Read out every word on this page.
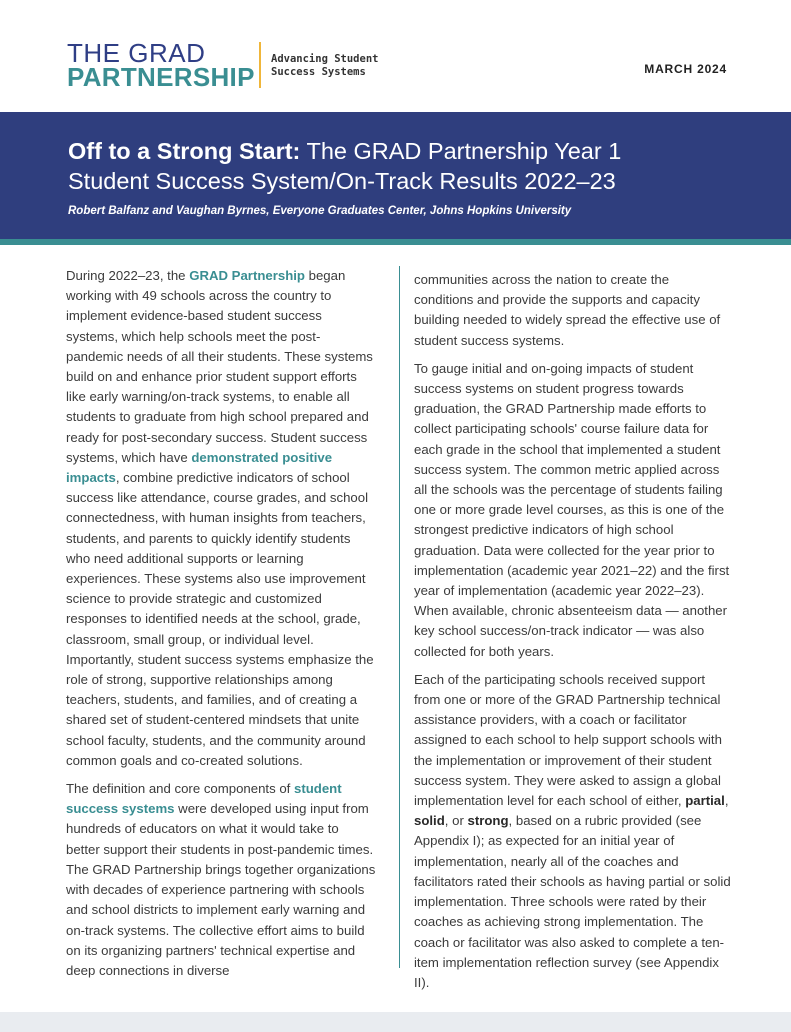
THE GRAD
PARTNERSHIP
Advancing Student
Success Systems	MARCH 2024
Off to a Strong Start: The GRAD Partnership Year 1
Student Success System/On-Track Results 2022–23
Robert Balfanz and Vaughan Byrnes, Everyone Graduates Center, Johns Hopkins University

During 2022–23, the GRAD Partnership began working with 49 schools across the country to implement evidence-based student success systems, which help schools meet the post-pandemic needs of all their students. These systems build on and enhance prior student support efforts like early warning/on-track systems, to enable all students to graduate from high school prepared and ready for post-secondary success. Student success systems, which have demonstrated positive impacts, combine predictive indicators of school success like attendance, course grades, and school connectedness, with human insights from teachers, students, and parents to quickly identify students who need additional supports or learning experiences. These systems also use improvement science to provide strategic and customized responses to identified needs at the school, grade, classroom, small group, or individual level. Importantly, student success systems emphasize the role of strong, supportive relationships among teachers, students, and families, and of creating a shared set of student-centered mindsets that unite school faculty, students, and the community around common goals and co-created solutions.

The definition and core components of student success systems were developed using input from hundreds of educators on what it would take to better support their students in post-pandemic times. The GRAD Partnership brings together organizations with decades of experience partnering with schools and school districts to implement early warning and on-track systems. The collective effort aims to build on its organizing partners' technical expertise and deep connections in diverse

communities across the nation to create the conditions and provide the supports and capacity building needed to widely spread the effective use of student success systems.

To gauge initial and on-going impacts of student success systems on student progress towards graduation, the GRAD Partnership made efforts to collect participating schools' course failure data for each grade in the school that implemented a student success system. The common metric applied across all the schools was the percentage of students failing one or more grade level courses, as this is one of the strongest predictive indicators of high school graduation. Data were collected for the year prior to implementation (academic year 2021–22) and the first year of implementation (academic year 2022–23). When available, chronic absenteeism data — another key school success/on-track indicator — was also collected for both years.

Each of the participating schools received support from one or more of the GRAD Partnership technical assistance providers, with a coach or facilitator assigned to each school to help support schools with the implementation or improvement of their student success system. They were asked to assign a global implementation level for each school of either, partial, solid, or strong, based on a rubric provided (see Appendix I); as expected for an initial year of implementation, nearly all of the coaches and facilitators rated their schools as having partial or solid implementation. Three schools were rated by their coaches as achieving strong implementation. The coach or facilitator was also asked to complete a ten-item implementation reflection survey (see Appendix II).
